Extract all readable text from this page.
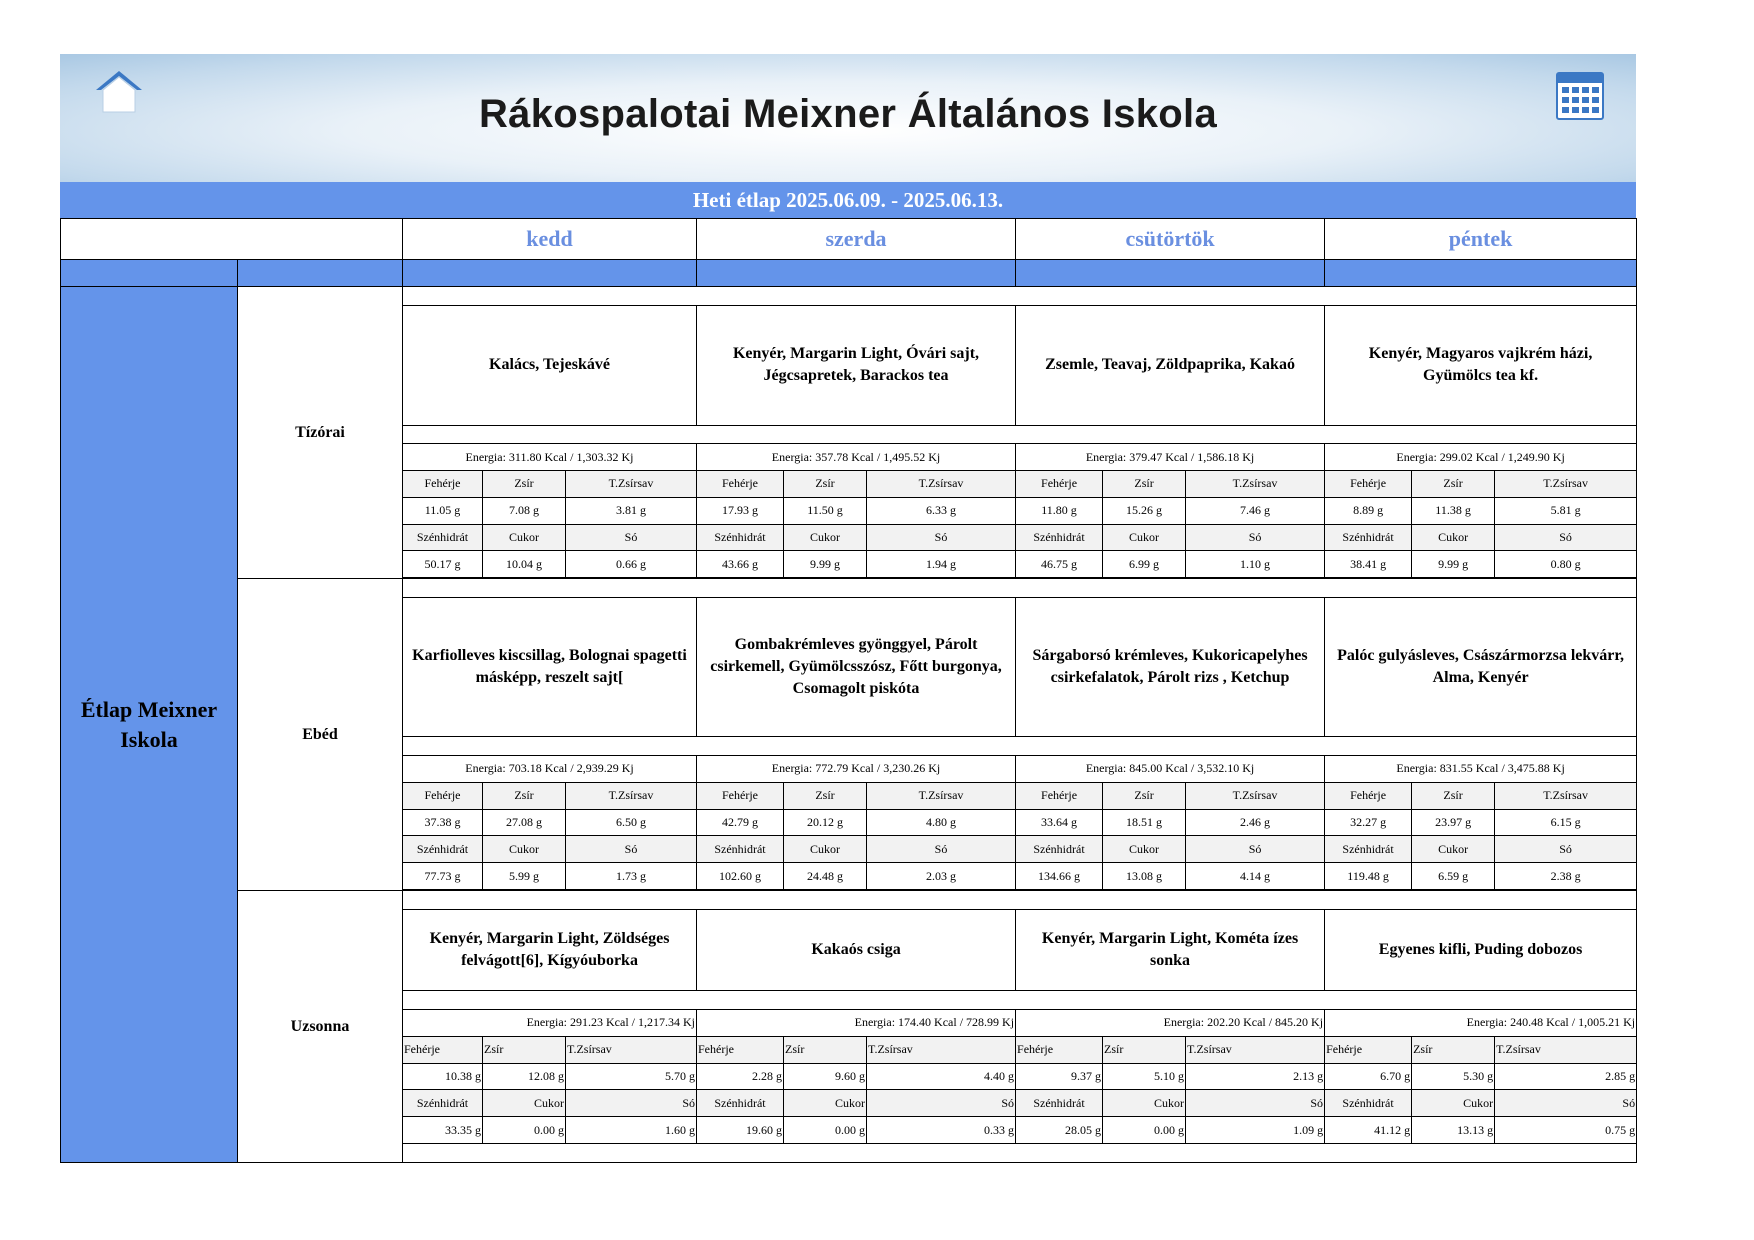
Rákospalotai Meixner Általános Iskola
Heti étlap 2025.06.09. - 2025.06.13.
		kedd			szerda			csütörtök			péntek		

Étlap Meixner Iskola	Tízórai												
		Kalács, Tejeskávé			Kenyér, Margarin Light, Óvári sajt, Jégcsapretek, Barackos tea			Zsemle, Teavaj, Zöldpaprika, Kakaó			Kenyér, Magyaros vajkrém házi, Gyümölcs tea kf.		

		Energia: 311.80 Kcal / 1,303.32 Kj			Energia: 357.78 Kcal / 1,495.52 Kj			Energia: 379.47 Kcal / 1,586.18 Kj			Energia: 299.02 Kcal / 1,249.90 Kj		
		Fehérje	Zsír	T.Zsírsav	Fehérje	Zsír	T.Zsírsav	Fehérje	Zsír	T.Zsírsav	Fehérje	Zsír	T.Zsírsav
		11.05 g	7.08 g	3.81 g	17.93 g	11.50 g	6.33 g	11.80 g	15.26 g	7.46 g	8.89 g	11.38 g	5.81 g
		Szénhidrát	Cukor	Só	Szénhidrát	Cukor	Só	Szénhidrát	Cukor	Só	Szénhidrát	Cukor	Só
		50.17 g	10.04 g	0.66 g	43.66 g	9.99 g	1.94 g	46.75 g	6.99 g	1.10 g	38.41 g	9.99 g	0.80 g

	Ebéd												
		Karfiolleves kiscsillag, Bolognai spagetti másképp, reszelt sajt[			Gombakrémleves gyönggyel, Párolt csirkemell, Gyümölcsszósz, Főtt burgonya, Csomagolt piskóta			Sárgaborsó krémleves, Kukoricapelyhes csirkefalatok, Párolt rizs , Ketchup			Palóc gulyásleves, Császármorzsa lekvárr, Alma, Kenyér		

		Energia: 703.18 Kcal / 2,939.29 Kj			Energia: 772.79 Kcal / 3,230.26 Kj			Energia: 845.00 Kcal / 3,532.10 Kj			Energia: 831.55 Kcal / 3,475.88 Kj		
		Fehérje	Zsír	T.Zsírsav	Fehérje	Zsír	T.Zsírsav	Fehérje	Zsír	T.Zsírsav	Fehérje	Zsír	T.Zsírsav
		37.38 g	27.08 g	6.50 g	42.79 g	20.12 g	4.80 g	33.64 g	18.51 g	2.46 g	32.27 g	23.97 g	6.15 g
		Szénhidrát	Cukor	Só	Szénhidrát	Cukor	Só	Szénhidrát	Cukor	Só	Szénhidrát	Cukor	Só
		77.73 g	5.99 g	1.73 g	102.60 g	24.48 g	2.03 g	134.66 g	13.08 g	4.14 g	119.48 g	6.59 g	2.38 g

	Uzsonna												
		Kenyér, Margarin Light, Zöldséges felvágott[6], Kígyóuborka			Kakaós csiga			Kenyér, Margarin Light, Kométa ízes sonka			Egyenes kifli, Puding dobozos		

		Energia: 291.23 Kcal / 1,217.34 Kj			Energia: 174.40 Kcal / 728.99 Kj			Energia: 202.20 Kcal / 845.20 Kj			Energia: 240.48 Kcal / 1,005.21 Kj		
		Fehérje	Zsír	T.Zsírsav	Fehérje	Zsír	T.Zsírsav	Fehérje	Zsír	T.Zsírsav	Fehérje	Zsír	T.Zsírsav
		10.38 g	12.08 g	5.70 g	2.28 g	9.60 g	4.40 g	9.37 g	5.10 g	2.13 g	6.70 g	5.30 g	2.85 g
		Szénhidrát	Cukor	Só	Szénhidrát	Cukor	Só	Szénhidrát	Cukor	Só	Szénhidrát	Cukor	Só
		33.35 g	0.00 g	1.60 g	19.60 g	0.00 g	0.33 g	28.05 g	0.00 g	1.09 g	41.12 g	13.13 g	0.75 g
